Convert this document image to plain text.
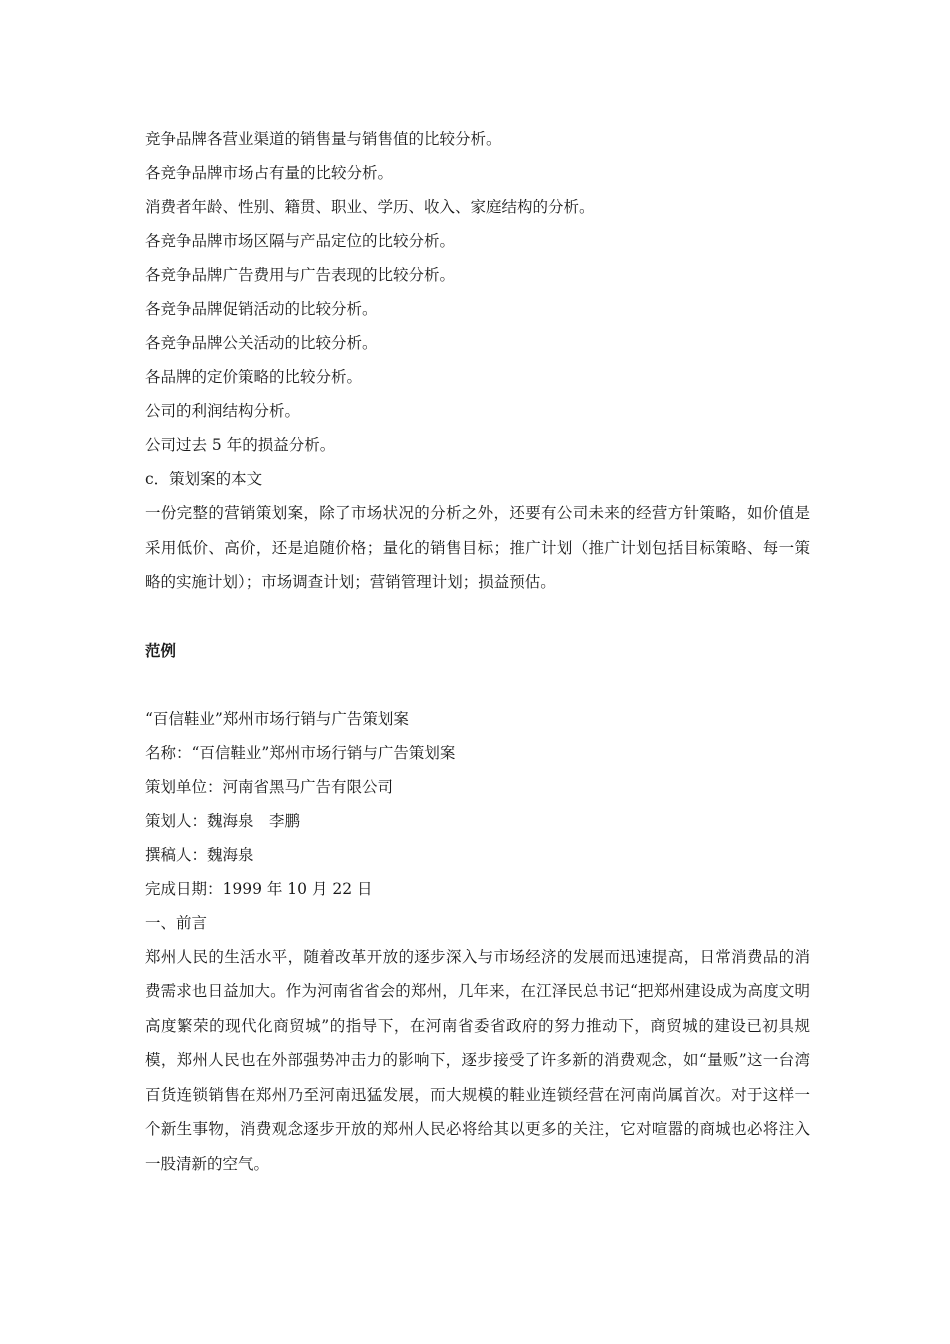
竞争品牌各营业渠道的销售量与销售值的比较分析。

各竞争品牌市场占有量的比较分析。

消费者年龄、性别、籍贯、职业、学历、收入、家庭结构的分析。

各竞争品牌市场区隔与产品定位的比较分析。

各竞争品牌广告费用与广告表现的比较分析。

各竞争品牌促销活动的比较分析。

各竞争品牌公关活动的比较分析。

各品牌的定价策略的比较分析。

公司的利润结构分析。

公司过去 5 年的损益分析。

c．策划案的本文

一份完整的营销策划案，除了市场状况的分析之外，还要有公司未来的经营方针策略，如价值是采用低价、高价，还是追随价格；量化的销售目标；推广计划（推广计划包括目标策略、每一策略的实施计划）；市场调查计划；营销管理计划；损益预估。

范例

“百信鞋业”郑州市场行销与广告策划案

名称：“百信鞋业”郑州市场行销与广告策划案

策划单位：河南省黑马广告有限公司

策划人：魏海泉　李鹏

撰稿人：魏海泉

完成日期：1999 年 10 月 22 日

一、前言

郑州人民的生活水平，随着改革开放的逐步深入与市场经济的发展而迅速提高，日常消费品的消费需求也日益加大。作为河南省省会的郑州，几年来，在江泽民总书记“把郑州建设成为高度文明高度繁荣的现代化商贸城”的指导下，在河南省委省政府的努力推动下，商贸城的建设已初具规模，郑州人民也在外部强势冲击力的影响下，逐步接受了许多新的消费观念，如“量贩”这一台湾百货连锁销售在郑州乃至河南迅猛发展，而大规模的鞋业连锁经营在河南尚属首次。对于这样一个新生事物，消费观念逐步开放的郑州人民必将给其以更多的关注，它对喧嚣的商城也必将注入一股清新的空气。
